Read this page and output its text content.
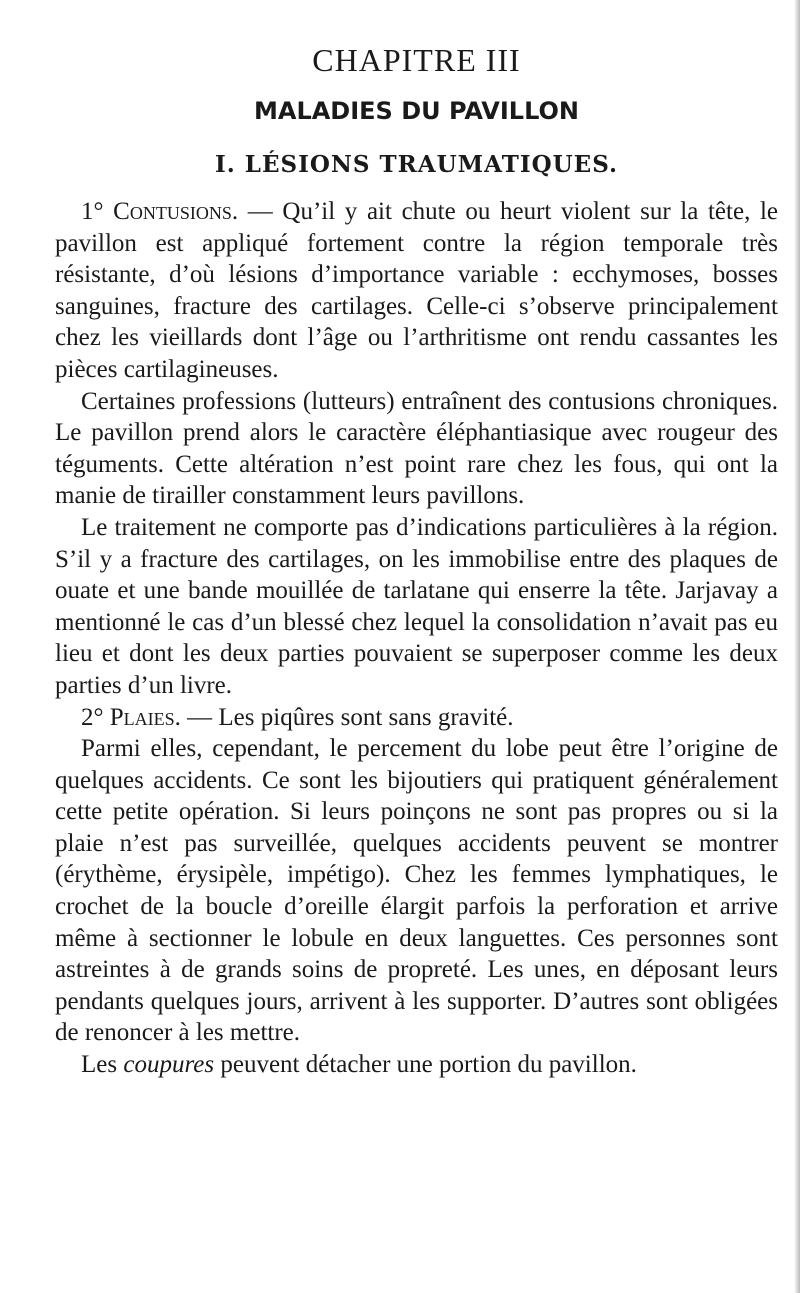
CHAPITRE III
MALADIES DU PAVILLON
I. LÉSIONS TRAUMATIQUES.

1° Contusions. — Qu’il y ait chute ou heurt violent sur la tête, le pavillon est appliqué fortement contre la région temporale très résistante, d’où lésions d’importance variable : ecchymoses, bosses sanguines, fracture des cartilages. Celle-ci s’observe principalement chez les vieillards dont l’âge ou l’arthritisme ont rendu cassantes les pièces cartilagineuses.

Certaines professions (lutteurs) entraînent des contusions chroniques. Le pavillon prend alors le caractère éléphantiasique avec rougeur des téguments. Cette altération n’est point rare chez les fous, qui ont la manie de tirailler constamment leurs pavillons.

Le traitement ne comporte pas d’indications particulières à la région. S’il y a fracture des cartilages, on les immobilise entre des plaques de ouate et une bande mouillée de tarlatane qui enserre la tête. Jarjavay a mentionné le cas d’un blessé chez lequel la consolidation n’avait pas eu lieu et dont les deux parties pouvaient se superposer comme les deux parties d’un livre.

2° Plaies. — Les piqûres sont sans gravité.

Parmi elles, cependant, le percement du lobe peut être l’origine de quelques accidents. Ce sont les bijoutiers qui pratiquent généralement cette petite opération. Si leurs poinçons ne sont pas propres ou si la plaie n’est pas surveillée, quelques accidents peuvent se montrer (érythème, érysipèle, impétigo). Chez les femmes lymphatiques, le crochet de la boucle d’oreille élargit parfois la perforation et arrive même à sectionner le lobule en deux languettes. Ces personnes sont astreintes à de grands soins de propreté. Les unes, en déposant leurs pendants quelques jours, arrivent à les supporter. D’autres sont obligées de renoncer à les mettre.

Les coupures peuvent détacher une portion du pavillon.
